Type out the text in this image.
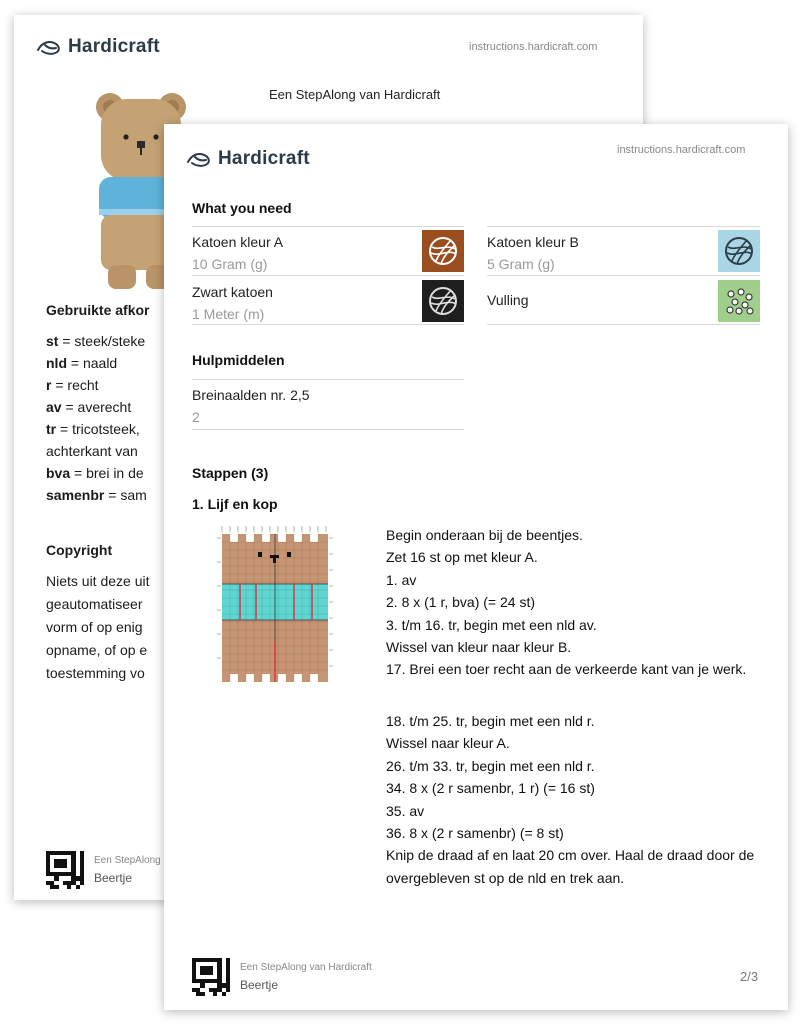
Hardicraft	instructions.hardicraft.com
Een StepAlong van Hardicraft
Gebruikte afkor
st = steek/steke
nld = naald
r = recht
av = averecht
tr = tricotsteek,
achterkant van
bva = brei in de
samenbr = sam
Copyright
Niets uit deze uit
geautomatiseer
vorm of op enig
opname, of op e
toestemming vo
Een StepAlong
Beertje
Hardicraft	instructions.hardicraft.com
What you need
Katoen kleur A
10 Gram (g)
Katoen kleur B
5 Gram (g)
Zwart katoen
1 Meter (m)
Vulling
Hulpmiddelen
Breinaalden nr. 2,5
2
Stappen (3)
1. Lijf en kop
Begin onderaan bij de beentjes.
Zet 16 st op met kleur A.
1. av
2. 8 x (1 r, bva) (= 24 st)
3. t/m 16. tr, begin met een nld av.
Wissel van kleur naar kleur B.
17. Brei een toer recht aan de verkeerde kant van je werk.
18. t/m 25. tr, begin met een nld r.
Wissel naar kleur A.
26. t/m 33. tr, begin met een nld r.
34. 8 x (2 r samenbr, 1 r) (= 16 st)
35. av
36. 8 x (2 r samenbr) (= 8 st)
Knip de draad af en laat 20 cm over. Haal de draad door de overgebleven st op de nld en trek aan.
Een StepAlong van Hardicraft
Beertje
2/3
